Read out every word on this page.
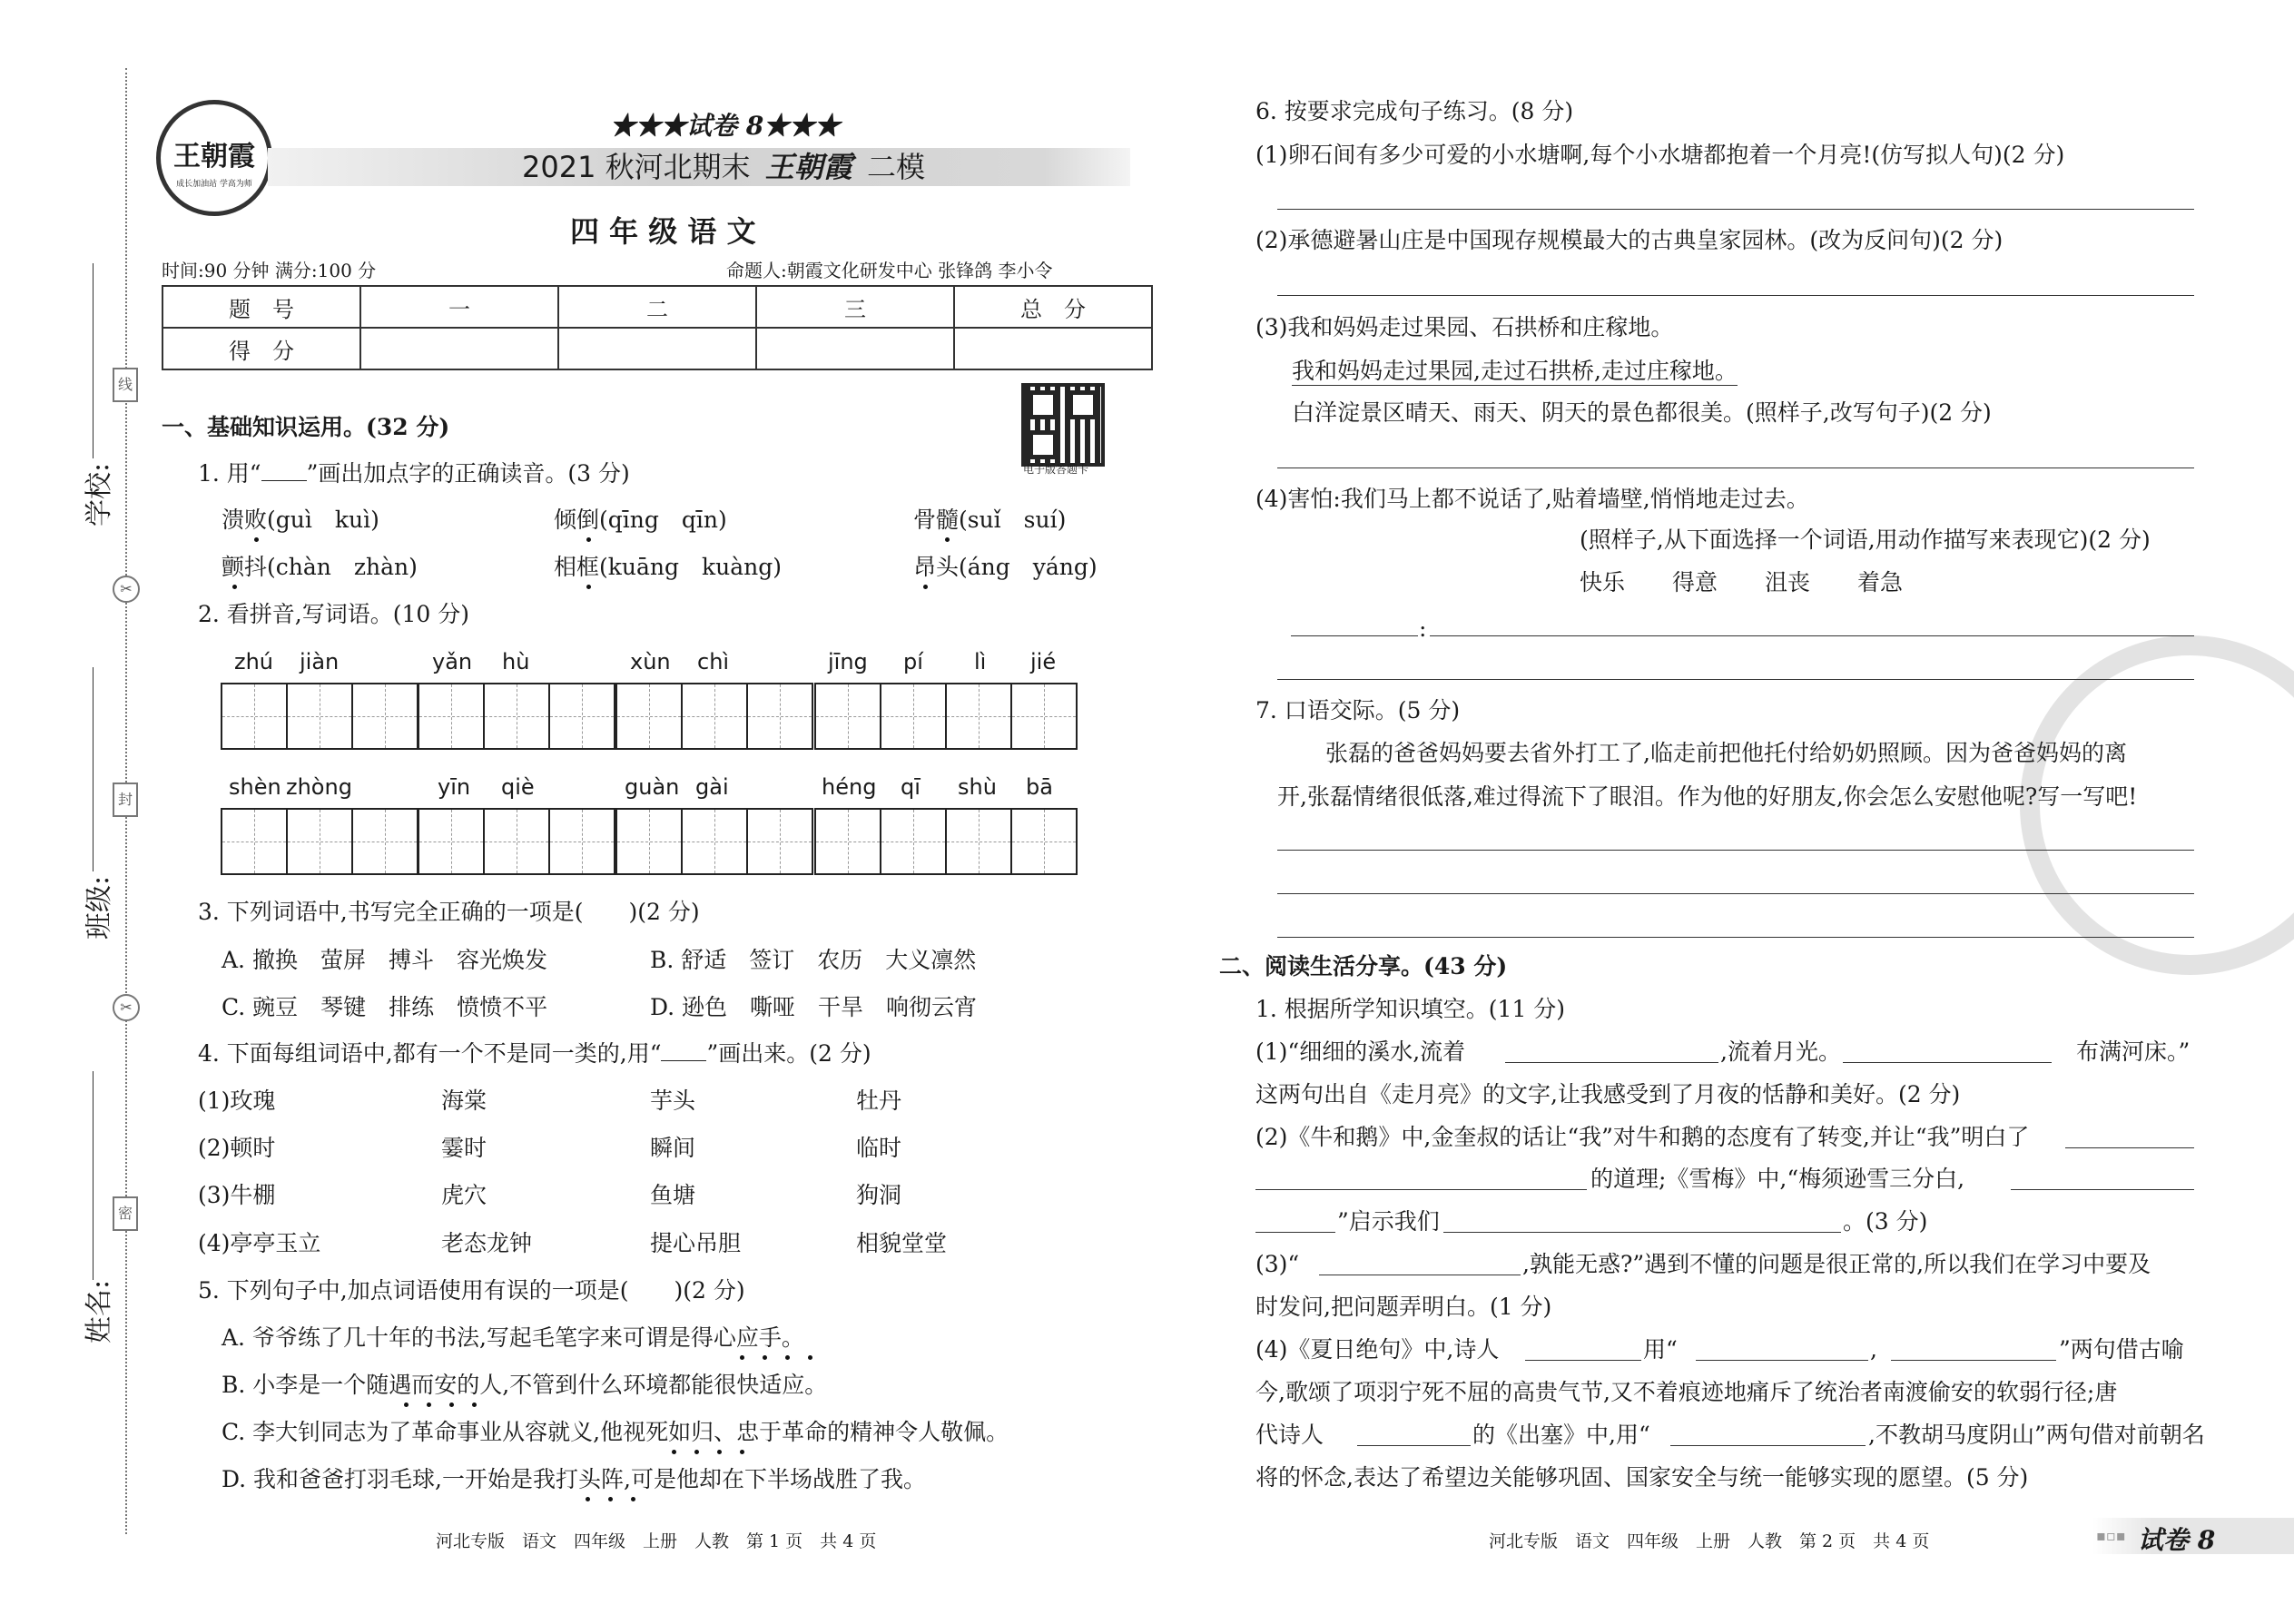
线
✂
封
✂
密
学校:
班级:
姓名:
王朝霞
成长加油站 学高为师
★★★试卷 8★★★
2021 秋河北期末 王朝霞 二模
四 年 级 语 文
时间:90 分钟 满分:100 分	命题人:朝霞文化研发中心 张锋鸽 李小令
题　号	一	二	三	总　分
得　分				
电子版答题卡
一、基础知识运用。(32 分)
1. 用“ ”画出加点字的正确读音。(3 分)
溃败(guì　kuì)	倾倒(qīng　qīn)	骨髓(suǐ　suí)
颤抖(chàn　zhàn)	相框(kuāng　kuàng)	昂头(áng　yáng)
2. 看拼音,写词语。(10 分)
zhú jiàn	yǎn hù	xùn chì	jīng pí lì jié
shèn zhòng	yīn qiè	guàn gài	héng qī shù bā
3. 下列词语中,书写完全正确的一项是(　　)(2 分)
A. 撤换　萤屏　搏斗　容光焕发	B. 舒适　签订　农历　大义凛然
C. 豌豆　琴键　排练　愤愤不平	D. 逊色　嘶哑　干旱　响彻云宵
4. 下面每组词语中,都有一个不是同一类的,用“ ”画出来。(2 分)
(1)玫瑰	海棠	芋头	牡丹
(2)顿时	霎时	瞬间	临时
(3)牛棚	虎穴	鱼塘	狗洞
(4)亭亭玉立	老态龙钟	提心吊胆	相貌堂堂
5. 下列句子中,加点词语使用有误的一项是(　　)(2 分)
A. 爷爷练了几十年的书法,写起毛笔字来可谓是得心应手。
B. 小李是一个随遇而安的人,不管到什么环境都能很快适应。
C. 李大钊同志为了革命事业从容就义,他视死如归、忠于革命的精神令人敬佩。
D. 我和爸爸打羽毛球,一开始是我打头阵,可是他却在下半场战胜了我。
6. 按要求完成句子练习。(8 分)
(1)卵石间有多少可爱的小水塘啊,每个小水塘都抱着一个月亮!(仿写拟人句)(2 分)
(2)承德避暑山庄是中国现存规模最大的古典皇家园林。(改为反问句)(2 分)
(3)我和妈妈走过果园、石拱桥和庄稼地。
我和妈妈走过果园,走过石拱桥,走过庄稼地。
白洋淀景区晴天、雨天、阴天的景色都很美。(照样子,改写句子)(2 分)
(4)害怕:我们马上都不说话了,贴着墙壁,悄悄地走过去。
(照样子,从下面选择一个词语,用动作描写来表现它)(2 分)
快乐 得意 沮丧 着急
:
7. 口语交际。(5 分)
张磊的爸爸妈妈要去省外打工了,临走前把他托付给奶奶照顾。因为爸爸妈妈的离
开,张磊情绪很低落,难过得流下了眼泪。作为他的好朋友,你会怎么安慰他呢?写一写吧!
二、阅读生活分享。(43 分)
1. 根据所学知识填空。(11 分)
(1)“细细的溪水,流着	,流着月光。	布满河床。”
这两句出自《走月亮》的文字,让我感受到了月夜的恬静和美好。(2 分)
(2)《牛和鹅》中,金奎叔的话让“我”对牛和鹅的态度有了转变,并让“我”明白了
的道理;《雪梅》中,“梅须逊雪三分白,
”启示我们	。(3 分)
(3)“	,孰能无惑?”遇到不懂的问题是很正常的,所以我们在学习中要及
时发问,把问题弄明白。(1 分)
(4)《夏日绝句》中,诗人	用“	,	”两句借古喻
今,歌颂了项羽宁死不屈的高贵气节,又不着痕迹地痛斥了统治者南渡偷安的软弱行径;唐
代诗人	的《出塞》中,用“	,不教胡马度阴山”两句借对前朝名
将的怀念,表达了希望边关能够巩固、国家安全与统一能够实现的愿望。(5 分)
河北专版　语文　四年级　上册　人教　第 1 页　共 4 页	河北专版　语文　四年级　上册　人教　第 2 页　共 4 页	▪▫▪ 试卷 8
